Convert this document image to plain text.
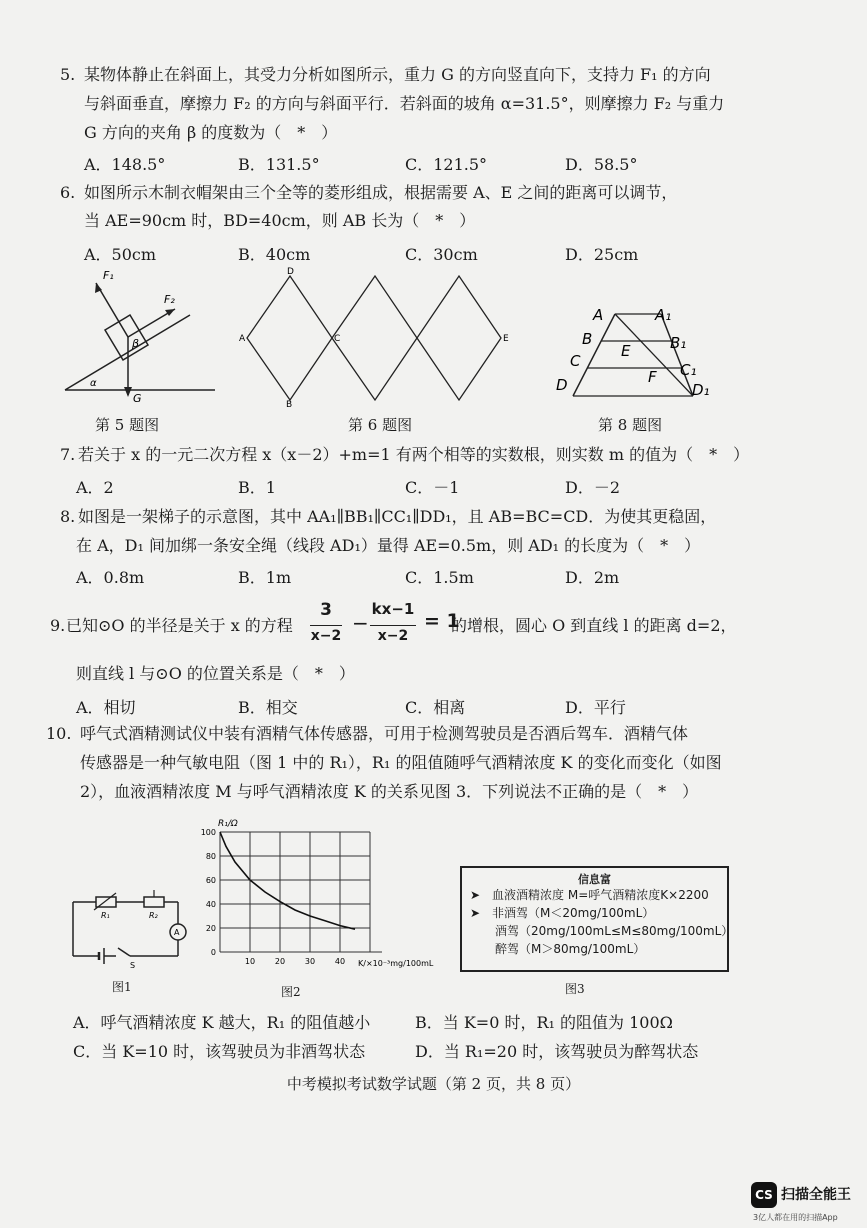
5. 某物体静止在斜面上，其受力分析如图所示，重力 G 的方向竖直向下，支持力 F₁ 的方向
与斜面垂直，摩擦力 F₂ 的方向与斜面平行．若斜面的坡角 α=31.5°，则摩擦力 F₂ 与重力
G 方向的夹角 β 的度数为（　*　）
A．148.5°	B．131.5°	C．121.5°	D．58.5°
6. 如图所示木制衣帽架由三个全等的菱形组成，根据需要 A、E 之间的距离可以调节，
当 AE=90cm 时，BD=40cm，则 AB 长为（　*　）
A．50cm	B．40cm	C．30cm	D．25cm
F₁
F₂
β
α
G
第 5 题图
A
D
C
B
E
第 6 题图
A	A₁
B	B₁
C	C₁
D	D₁
E
F
第 8 题图
7. 若关于 x 的一元二次方程 x（x－2）+m=1 有两个相等的实数根，则实数 m 的值为（　*　）
A．2	B．1	C．－1	D．－2
8. 如图是一架梯子的示意图，其中 AA₁∥BB₁∥CC₁∥DD₁，且 AB=BC=CD．为使其更稳固，
在 A，D₁ 间加绑一条安全绳（线段 AD₁）量得 AE=0.5m，则 AD₁ 的长度为（　*　）
A．0.8m	B．1m	C．1.5m	D．2m
9. 已知⊙O 的半径是关于 x 的方程
3
x−2
−
kx−1
x−2
= 1
的增根，圆心 O 到直线 l 的距离 d=2，
则直线 l 与⊙O 的位置关系是（　*　）
A．相切	B．相交	C．相离	D．平行
10. 呼气式酒精测试仪中装有酒精气体传感器，可用于检测驾驶员是否酒后驾车．酒精气体
传感器是一种气敏电阻（图 1 中的 R₁），R₁ 的阻值随呼气酒精浓度 K 的变化而变化（如图
2），血液酒精浓度 M 与呼气酒精浓度 K 的关系见图 3．下列说法不正确的是（　*　）
R₁	R₂
A
S
图1
0
20
40
60
80
100
10 20 30 40
R₁/Ω
K/×10⁻³mg/100mL
图2
信息富
➤　血液酒精浓度 M=呼气酒精浓度K×2200
➤　非酒驾（M＜20mg/100mL）
酒驾（20mg/100mL≤M≤80mg/100mL）
醉驾（M＞80mg/100mL）
图3
A．呼气酒精浓度 K 越大，R₁ 的阻值越小	B．当 K=0 时，R₁ 的阻值为 100Ω
C．当 K=10 时，该驾驶员为非酒驾状态	D．当 R₁=20 时，该驾驶员为醉驾状态
中考模拟考试数学试题（第 2 页，共 8 页）
CS 扫描全能王
3亿人都在用的扫描App
